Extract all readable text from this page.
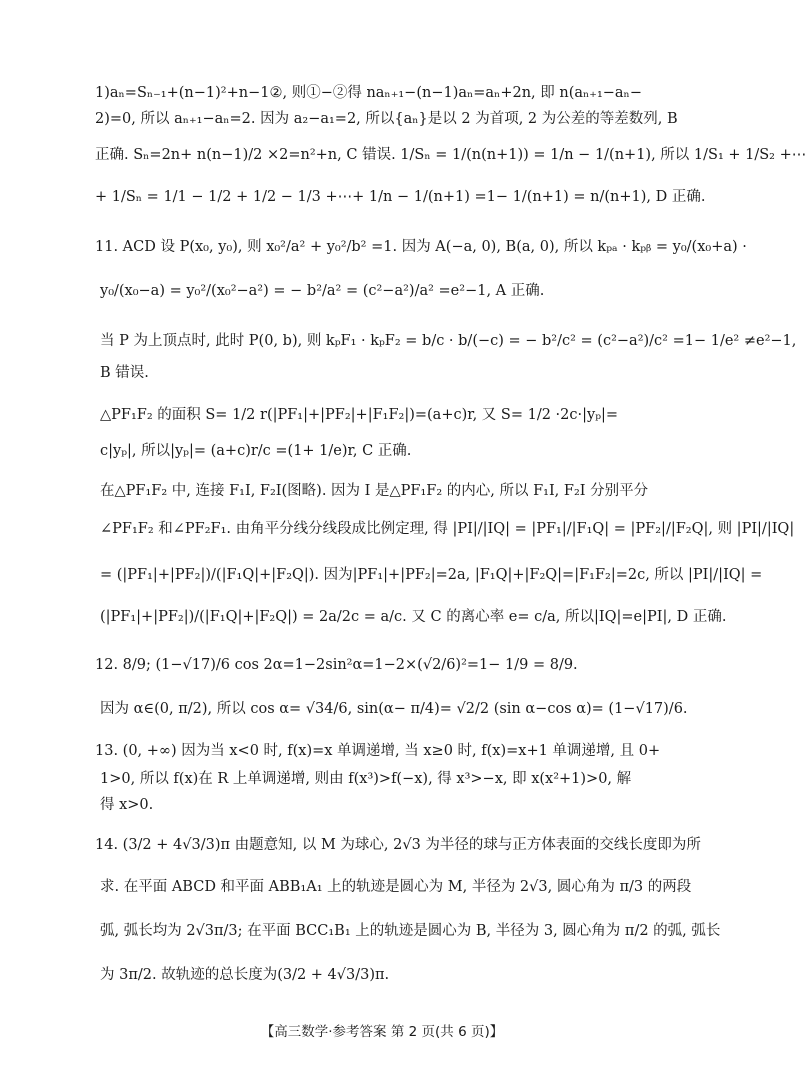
1)aₙ=Sₙ₋₁+(n−1)²+n−1②, 则①−②得 naₙ₊₁−(n−1)aₙ=aₙ+2n, 即 n(aₙ₊₁−aₙ−
2)=0, 所以 aₙ₊₁−aₙ=2. 因为 a₂−a₁=2, 所以{aₙ}是以 2 为首项, 2 为公差的等差数列, B
正确. Sₙ=2n+ n(n−1)/2 ×2=n²+n, C 错误. 1/Sₙ = 1/(n(n+1)) = 1/n − 1/(n+1), 所以 1/S₁ + 1/S₂ +⋯
+ 1/Sₙ = 1/1 − 1/2 + 1/2 − 1/3 +⋯+ 1/n − 1/(n+1) =1− 1/(n+1) = n/(n+1), D 正确.
11. ACD 设 P(x₀, y₀), 则 x₀²/a² + y₀²/b² =1. 因为 A(−a, 0), B(a, 0), 所以 kₚₐ · kₚᵦ = y₀/(x₀+a) ·
y₀/(x₀−a) = y₀²/(x₀²−a²) = − b²/a² = (c²−a²)/a² =e²−1, A 正确.
当 P 为上顶点时, 此时 P(0, b), 则 kₚF₁ · kₚF₂ = b/c · b/(−c) = − b²/c² = (c²−a²)/c² =1− 1/e² ≠e²−1,
B 错误.
△PF₁F₂ 的面积 S= 1/2 r(|PF₁|+|PF₂|+|F₁F₂|)=(a+c)r, 又 S= 1/2 ·2c·|yₚ|=
c|yₚ|, 所以|yₚ|= (a+c)r/c =(1+ 1/e)r, C 正确.
在△PF₁F₂ 中, 连接 F₁I, F₂I(图略). 因为 I 是△PF₁F₂ 的内心, 所以 F₁I, F₂I 分别平分
∠PF₁F₂ 和∠PF₂F₁. 由角平分线分线段成比例定理, 得 |PI|/|IQ| = |PF₁|/|F₁Q| = |PF₂|/|F₂Q|, 则 |PI|/|IQ|
= (|PF₁|+|PF₂|)/(|F₁Q|+|F₂Q|). 因为|PF₁|+|PF₂|=2a, |F₁Q|+|F₂Q|=|F₁F₂|=2c, 所以 |PI|/|IQ| =
(|PF₁|+|PF₂|)/(|F₁Q|+|F₂Q|) = 2a/2c = a/c. 又 C 的离心率 e= c/a, 所以|IQ|=e|PI|, D 正确.
12. 8/9; (1−√17)/6 cos 2α=1−2sin²α=1−2×(√2/6)²=1− 1/9 = 8/9.
因为 α∈(0, π/2), 所以 cos α= √34/6, sin(α− π/4)= √2/2 (sin α−cos α)= (1−√17)/6.
13. (0, +∞) 因为当 x<0 时, f(x)=x 单调递增, 当 x≥0 时, f(x)=x+1 单调递增, 且 0+
1>0, 所以 f(x)在 R 上单调递增, 则由 f(x³)>f(−x), 得 x³>−x, 即 x(x²+1)>0, 解
得 x>0.
14. (3/2 + 4√3/3)π 由题意知, 以 M 为球心, 2√3 为半径的球与正方体表面的交线长度即为所
求. 在平面 ABCD 和平面 ABB₁A₁ 上的轨迹是圆心为 M, 半径为 2√3, 圆心角为 π/3 的两段
弧, 弧长均为 2√3π/3; 在平面 BCC₁B₁ 上的轨迹是圆心为 B, 半径为 3, 圆心角为 π/2 的弧, 弧长
为 3π/2. 故轨迹的总长度为(3/2 + 4√3/3)π.
【高三数学·参考答案 第 2 页(共 6 页)】
